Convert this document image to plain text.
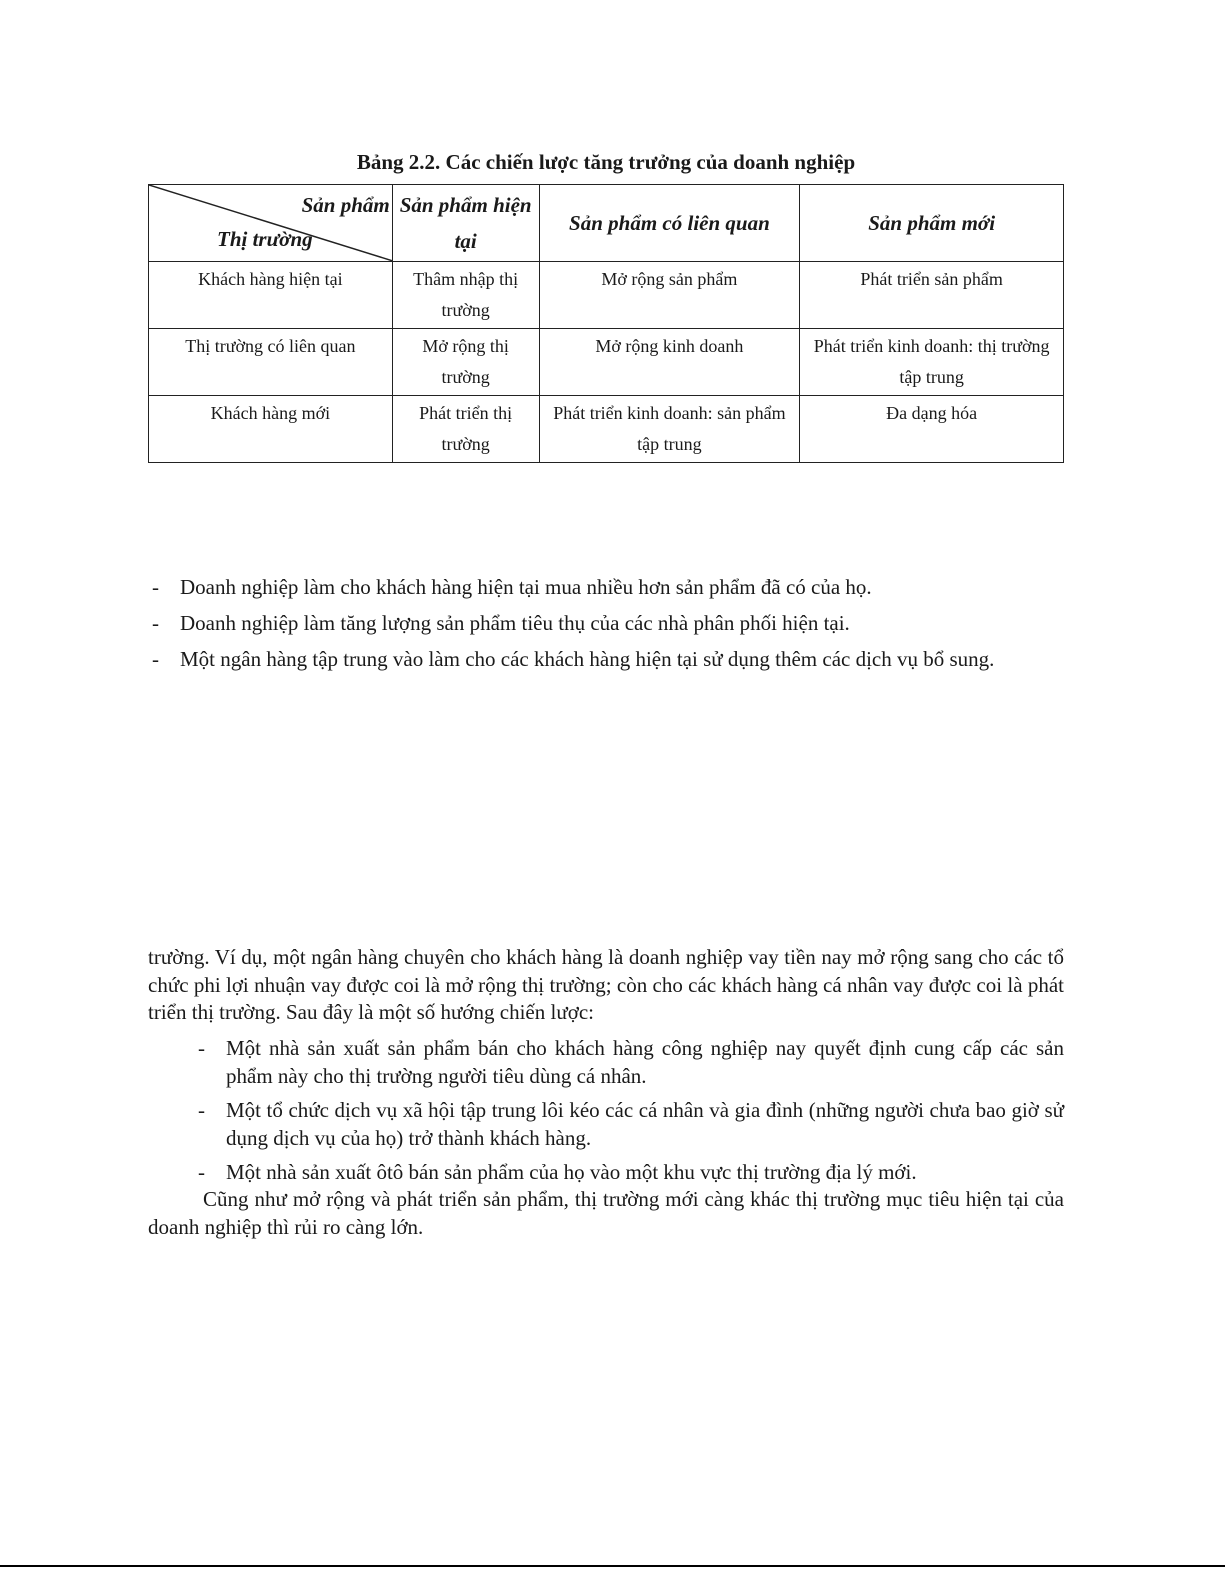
Bảng 2.2. Các chiến lược tăng trưởng của doanh nghiệp
Sản phẩm
Thị trường	Sản phẩm hiện tại	Sản phẩm có liên quan	Sản phẩm mới
Khách hàng hiện tại	Thâm nhập thị trường	Mở rộng sản phẩm	Phát triển sản phẩm
Thị trường có liên quan	Mở rộng thị trường	Mở rộng kinh doanh	Phát triển kinh doanh: thị trường tập trung
Khách hàng mới	Phát triển thị trường	Phát triển kinh doanh: sản phẩm tập trung	Đa dạng hóa
- Doanh nghiệp làm cho khách hàng hiện tại mua nhiều hơn sản phẩm đã có của họ.
- Doanh nghiệp làm tăng lượng sản phẩm tiêu thụ của các nhà phân phối hiện tại.
- Một ngân hàng tập trung vào làm cho các khách hàng hiện tại sử dụng thêm các dịch vụ bổ sung.

trường. Ví dụ, một ngân hàng chuyên cho khách hàng là doanh nghiệp vay tiền nay mở rộng sang cho các tổ chức phi lợi nhuận vay được coi là mở rộng thị trường; còn cho các khách hàng cá nhân vay được coi là phát triển thị trường. Sau đây là một số hướng chiến lược:

- Một nhà sản xuất sản phẩm bán cho khách hàng công nghiệp nay quyết định cung cấp các sản phẩm này cho thị trường người tiêu dùng cá nhân.
- Một tổ chức dịch vụ xã hội tập trung lôi kéo các cá nhân và gia đình (những người chưa bao giờ sử dụng dịch vụ của họ) trở thành khách hàng.
- Một nhà sản xuất ôtô bán sản phẩm của họ vào một khu vực thị trường địa lý mới.

Cũng như mở rộng và phát triển sản phẩm, thị trường mới càng khác thị trường mục tiêu hiện tại của doanh nghiệp thì rủi ro càng lớn.
